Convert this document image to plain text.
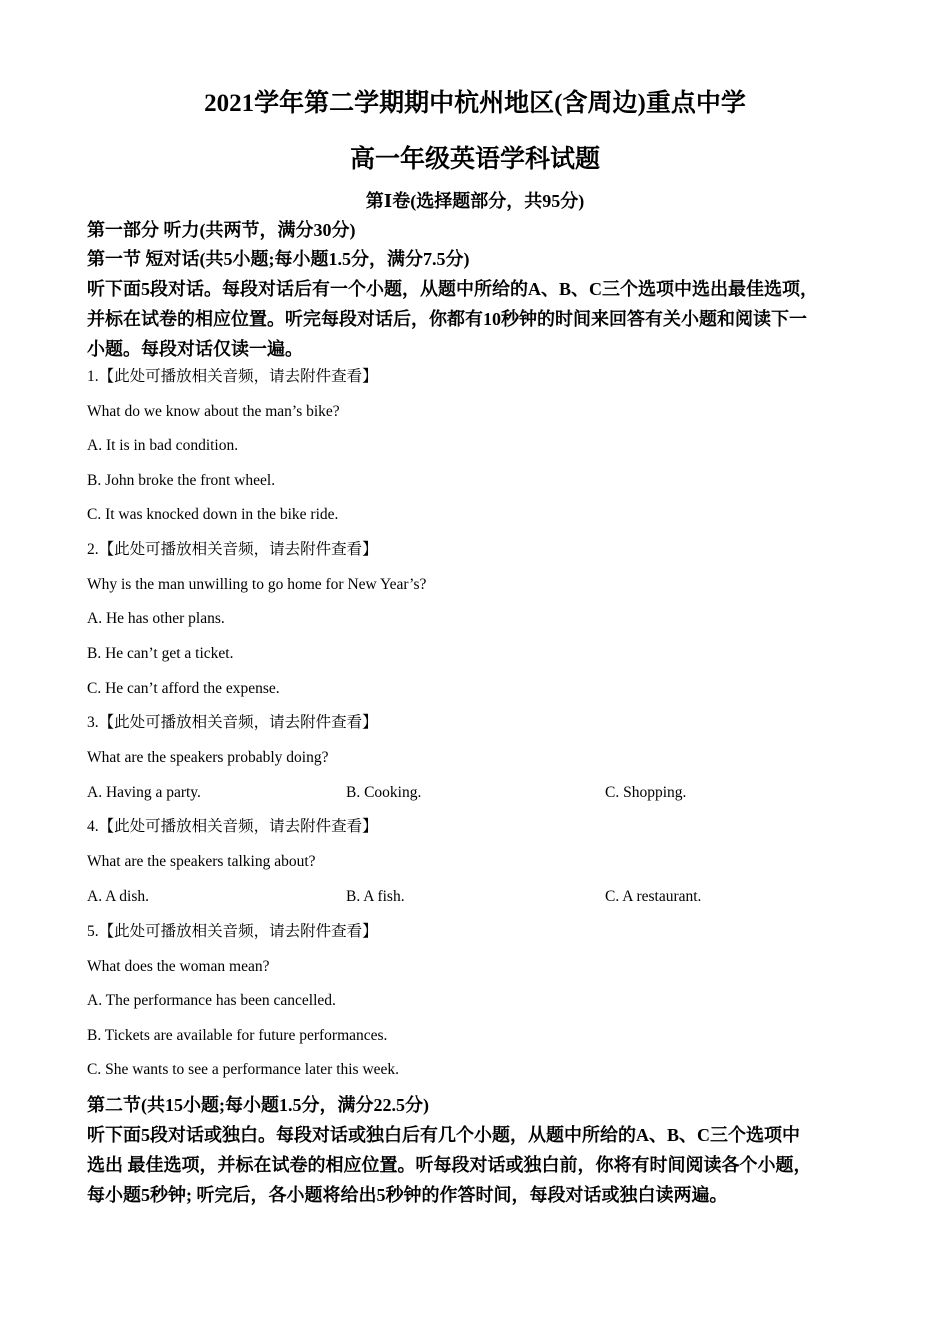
2021学年第二学期期中杭州地区(含周边)重点中学
高一年级英语学科试题
第Ⅰ卷(选择题部分，共95分)
第一部分 听力(共两节，满分30分)
第一节 短对话(共5小题;每小题1.5分，满分7.5分)
听下面5段对话。每段对话后有一个小题，从题中所给的A、B、C三个选项中选出最佳选项，
并标在试卷的相应位置。听完每段对话后，你都有10秒钟的时间来回答有关小题和阅读下一
小题。每段对话仅读一遍。
1.【此处可播放相关音频，请去附件查看】
What do we know about the man’s bike?
A. It is in bad condition.
B. John broke the front wheel.
C. It was knocked down in the bike ride.
2.【此处可播放相关音频，请去附件查看】
Why is the man unwilling to go home for New Year’s?
A. He has other plans.
B. He can’t get a ticket.
C. He can’t afford the expense.
3.【此处可播放相关音频，请去附件查看】
What are the speakers probably doing?
A. Having a party.	B. Cooking.	C. Shopping.
4.【此处可播放相关音频，请去附件查看】
What are the speakers talking about?
A. A dish.	B. A fish.	C. A restaurant.
5.【此处可播放相关音频，请去附件查看】
What does the woman mean?
A. The performance has been cancelled.
B. Tickets are available for future performances.
C. She wants to see a performance later this week.
第二节(共15小题;每小题1.5分，满分22.5分)
听下面5段对话或独白。每段对话或独白后有几个小题，从题中所给的A、B、C三个选项中
选出 最佳选项，并标在试卷的相应位置。听每段对话或独白前，你将有时间阅读各个小题，
每小题5秒钟; 听完后，各小题将给出5秒钟的作答时间，每段对话或独白读两遍。
